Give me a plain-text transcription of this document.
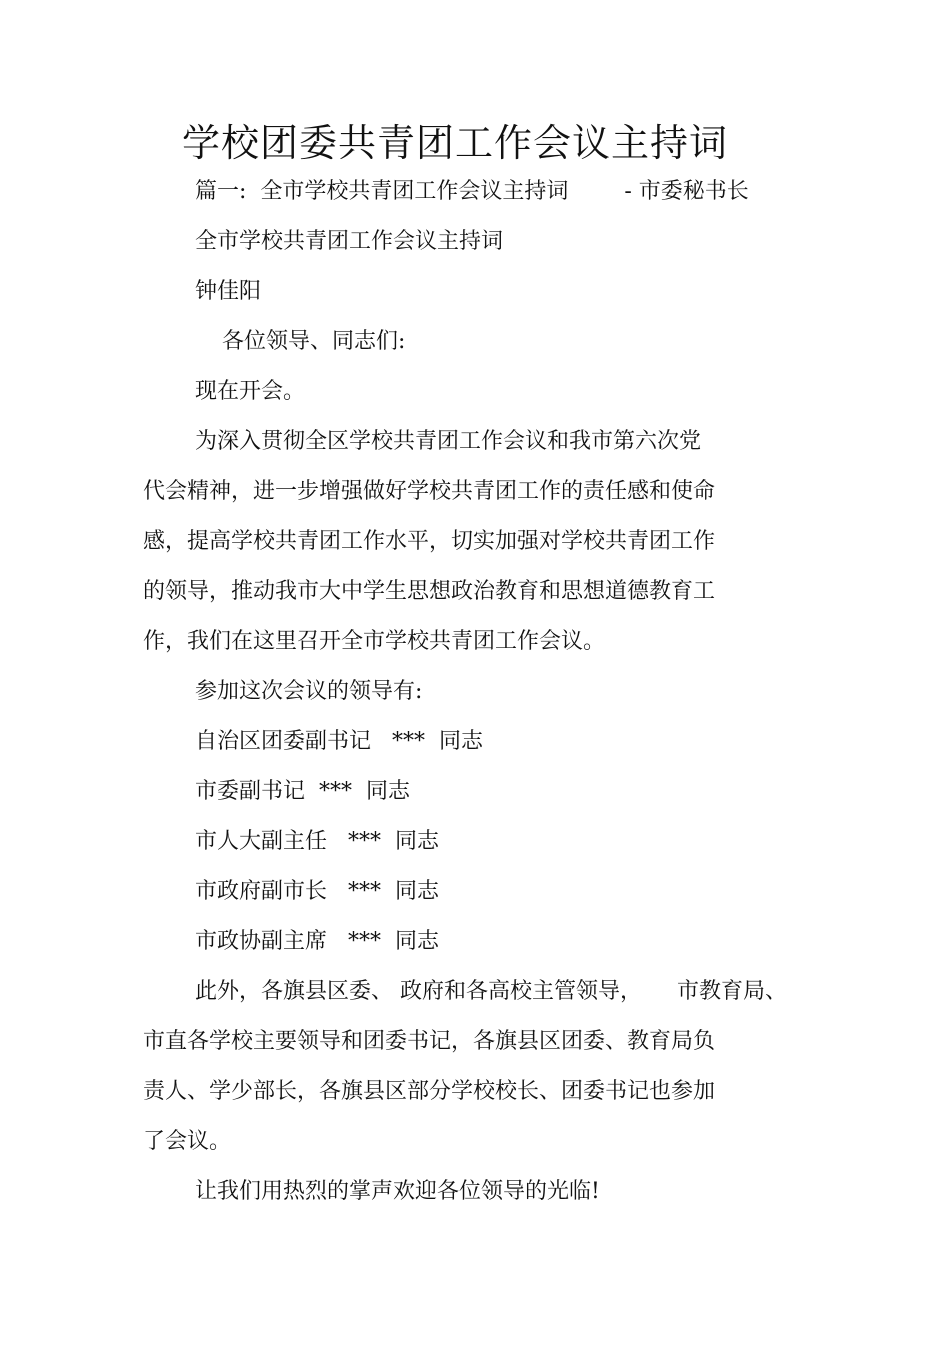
学校团委共青团工作会议主持词
篇一:  全市学校共青团工作会议主持词        - 市委秘书长
全市学校共青团工作会议主持词
钟佳阳
各位领导、同志们:
现在开会。
为深入贯彻全区学校共青团工作会议和我市第六次党
代会精神，进一步增强做好学校共青团工作的责任感和使命
感，提高学校共青团工作水平，切实加强对学校共青团工作
的领导，推动我市大中学生思想政治教育和思想道德教育工
作，我们在这里召开全市学校共青团工作会议。
参加这次会议的领导有:
自治区团委副书记   ***  同志
市委副书记  ***  同志
市人大副主任   ***  同志
市政府副市长   ***  同志
市政协副主席   ***  同志
此外，各旗县区委、 政府和各高校主管领导，     市教育局、
市直各学校主要领导和团委书记，各旗县区团委、教育局负
责人、学少部长，各旗县区部分学校校长、团委书记也参加
了会议。
让我们用热烈的掌声欢迎各位领导的光临!
